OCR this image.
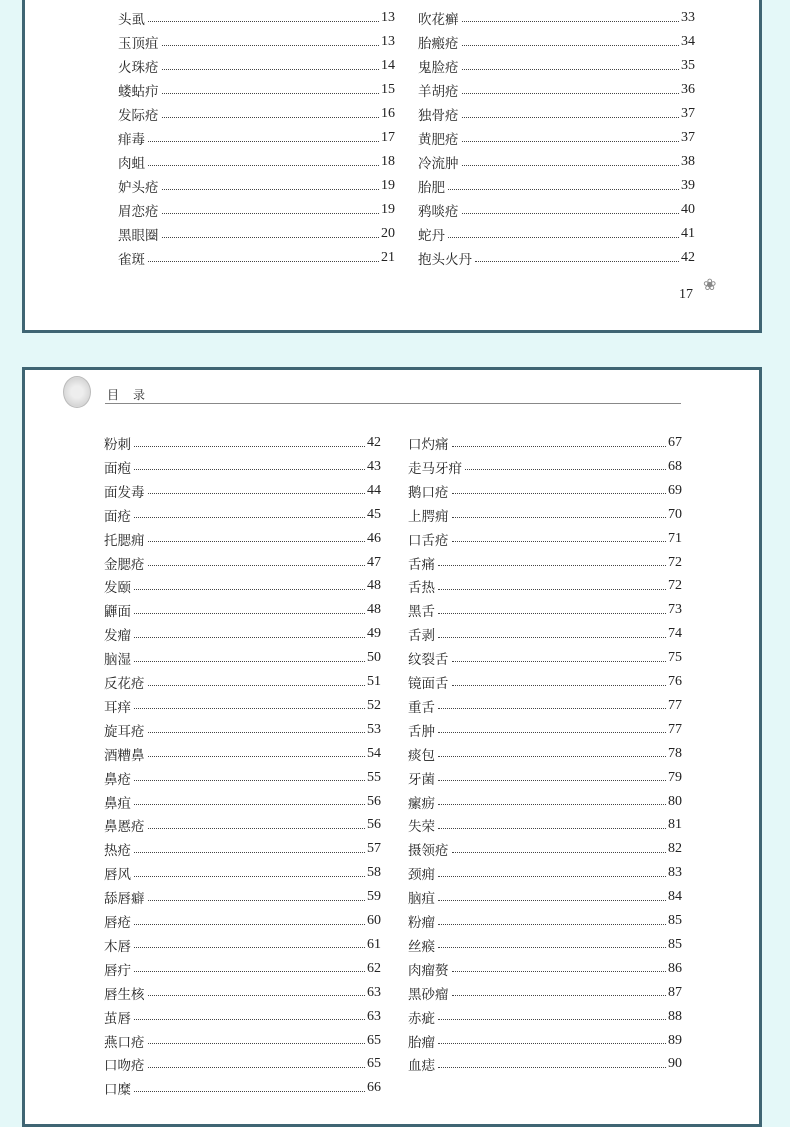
头虱	13
玉顶疽	13
火珠疮	14
蝼蛄疖	15
发际疮	16
痱毒	17
肉蛆	18
妒头疮	19
眉恋疮	19
黑眼圈	20
雀斑	21
吹花癣	33
胎瘢疮	34
鬼脸疮	35
羊胡疮	36
独骨疮	37
黄肥疮	37
冷流肿	38
胎肥	39
鸦啖疮	40
蛇丹	41
抱头火丹	42
17
❀
目录
粉刺	42
面疱	43
面发毒	44
面疮	45
托腮痈	46
金腮疮	47
发颐	48
鼲面	48
发瘤	49
脑湿	50
反花疮	51
耳痒	52
旋耳疮	53
酒糟鼻	54
鼻疮	55
鼻疽	56
鼻慝疮	56
热疮	57
唇风	58
舔唇癖	59
唇疮	60
木唇	61
唇疔	62
唇生核	63
茧唇	63
燕口疮	65
口吻疮	65
口糜	66
口灼痛	67
走马牙疳	68
鹅口疮	69
上腭痈	70
口舌疮	71
舌痛	72
舌热	72
黑舌	73
舌剥	74
纹裂舌	75
镜面舌	76
重舌	77
舌肿	77
痰包	78
牙菌	79
瘰疬	80
失荣	81
摄领疮	82
颈痈	83
脑疽	84
粉瘤	85
丝瘊	85
肉瘤赘	86
黑砂瘤	87
赤疵	88
胎瘤	89
血痣	90
